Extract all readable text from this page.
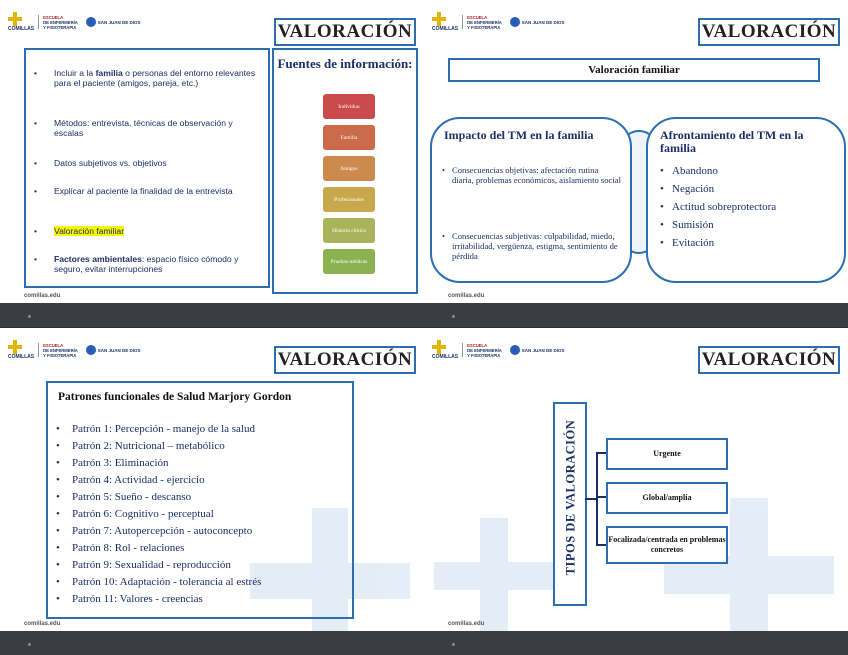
COMILLAS
ESCUELA
DE ENFERMERÍA
Y FISIOTERAPIA
SAN JUAN DE DIOS	VALORACIÓN
• Incluir a la familia o personas del entorno relevantes para el paciente (amigos, pareja, etc.)
• Métodos: entrevista, técnicas de observación y escalas
• Datos subjetivos vs. objetivos
• Explicar al paciente la finalidad de la entrevista
• Valoración familiar
• Factores ambientales: espacio físico cómodo y seguro, evitar interrupciones
Fuentes de información:
Individuo
Familia
Amigos
Profesionales
Historia clínica
Pruebas médicas
comillas.edu
COMILLAS
ESCUELA
DE ENFERMERÍA
Y FISIOTERAPIA
SAN JUAN DE DIOS	VALORACIÓN
Valoración familiar
Impacto del TM en la familia
• Consecuencias objetivas: afectación rutina diaria, problemas económicos, aislamiento social
• Consecuencias subjetivas: culpabilidad, miedo, irritabilidad, vergüenza, estigma, sentimiento de pérdida
Afrontamiento del TM en la familia
• Abandono
• Negación
• Actitud sobreprotectora
• Sumisión
• Evitación
comillas.edu
COMILLAS
ESCUELA
DE ENFERMERÍA
Y FISIOTERAPIA
SAN JUAN DE DIOS	VALORACIÓN
Patrones funcionales de Salud Marjory Gordon
• Patrón 1: Percepción - manejo de la salud
• Patrón 2: Nutricional – metabólico
• Patrón 3: Eliminación
• Patrón 4: Actividad - ejercicio
• Patrón 5: Sueño - descanso
• Patrón 6: Cognitivo - perceptual
• Patrón 7: Autopercepción - autoconcepto
• Patrón 8: Rol - relaciones
• Patrón 9: Sexualidad - reproducción
• Patrón 10: Adaptación - tolerancia al estrés
• Patrón 11: Valores - creencias
comillas.edu
COMILLAS
ESCUELA
DE ENFERMERÍA
Y FISIOTERAPIA
SAN JUAN DE DIOS	VALORACIÓN
TIPOS DE VALORACIÓN	Urgente
Global/amplia
Focalizada/centrada en problemas concretos
comillas.edu
